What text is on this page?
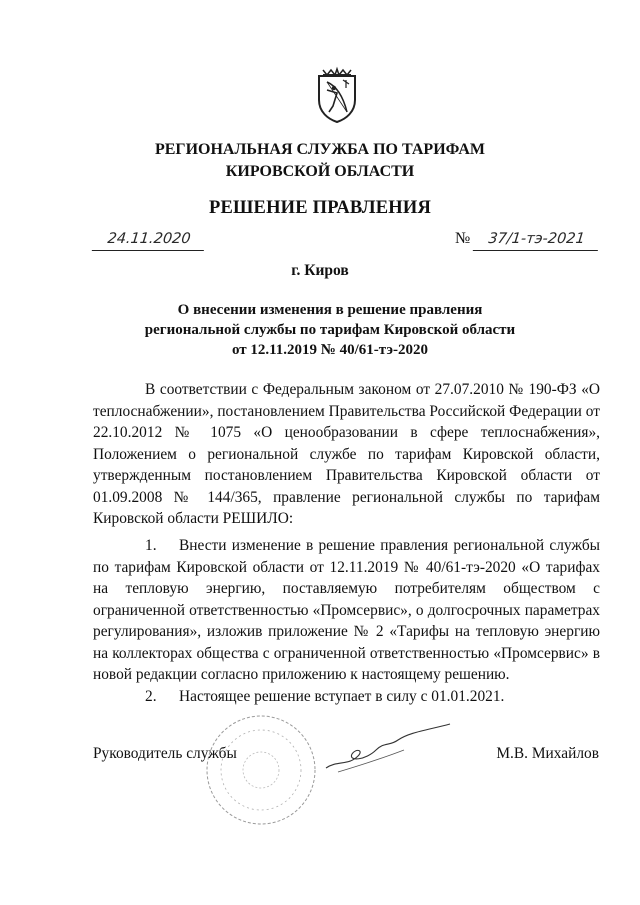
РЕГИОНАЛЬНАЯ СЛУЖБА ПО ТАРИФАМ
КИРОВСКОЙ ОБЛАСТИ
РЕШЕНИЕ ПРАВЛЕНИЯ
24.11.2020	№	37/1-тэ-2021
г. Киров
О внесении изменения в решение правления
региональной службы по тарифам Кировской области
от 12.11.2019 № 40/61-тэ-2020
В соответствии с Федеральным законом от 27.07.2010 № 190-ФЗ «О теплоснабжении», постановлением Правительства Российской Федерации от 22.10.2012 № 1075 «О ценообразовании в сфере теплоснабжения», Положением о региональной службе по тарифам Кировской области, утвержденным постановлением Правительства Кировской области от 01.09.2008 № 144/365, правление региональной службы по тарифам Кировской области РЕШИЛО:
1. Внести изменение в решение правления региональной службы по тарифам Кировской области от 12.11.2019 № 40/61-тэ-2020 «О тарифах на тепловую энергию, поставляемую потребителям обществом с ограниченной ответственностью «Промсервис», о долгосрочных параметрах регулирования», изложив приложение № 2 «Тарифы на тепловую энергию на коллекторах общества с ограниченной ответственностью «Промсервис» в новой редакции согласно приложению к настоящему решению.
2. Настоящее решение вступает в силу с 01.01.2021.
Руководитель службы	М.В. Михайлов
